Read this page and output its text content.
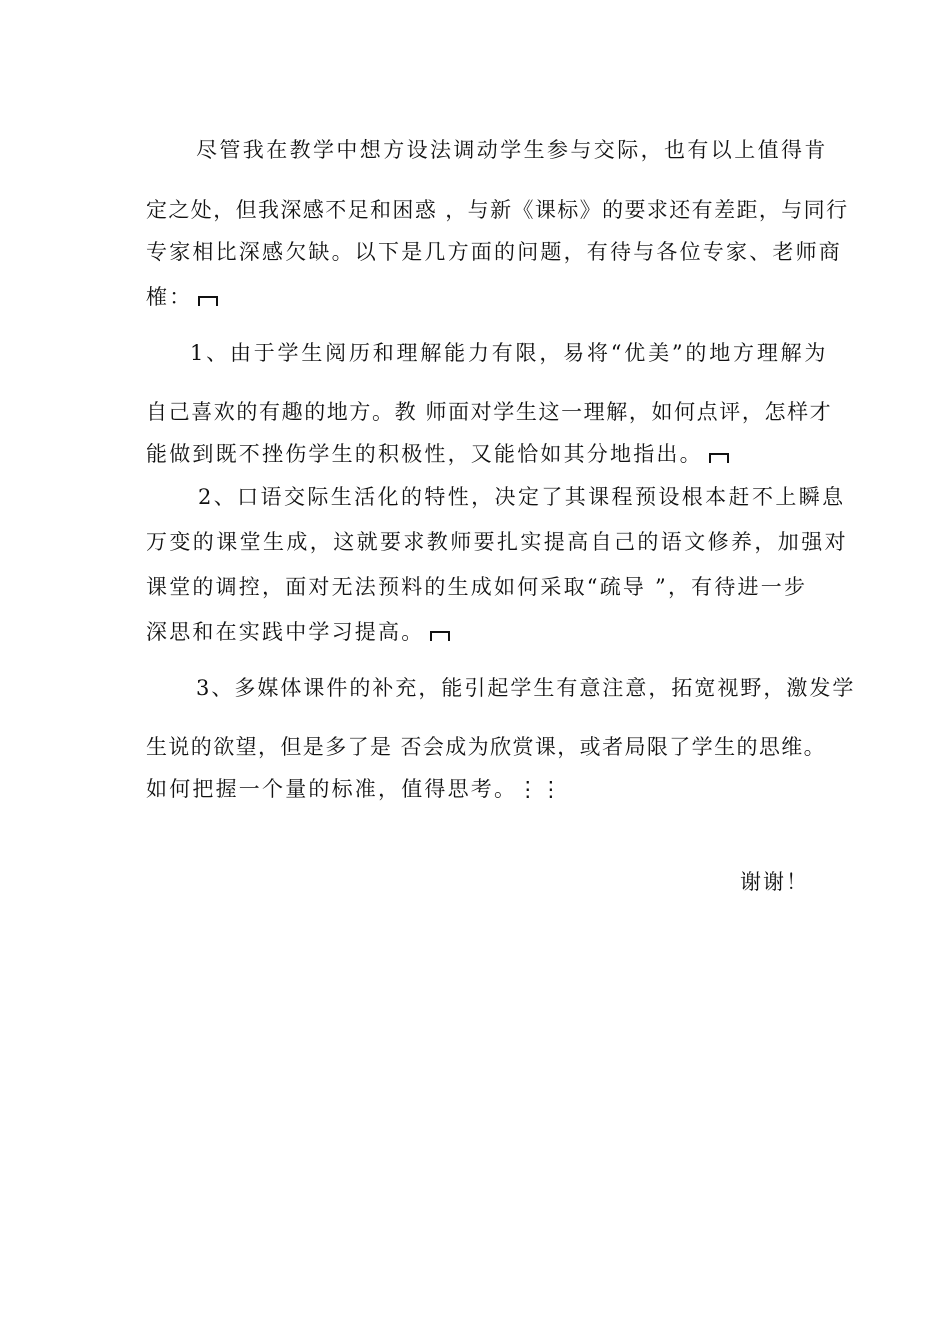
尽管我在教学中想方设法调动学生参与交际，也有以上值得肯
定之处，但我深感不足和困惑 ，与新《课标》的要求还有差距，与同行
专家相比深感欠缺。以下是几方面的问题，有待与各位专家、老师商
榷：
1、由于学生阅历和理解能力有限，易将“优美”的地方理解为
自己喜欢的有趣的地方。教 师面对学生这一理解，如何点评，怎样才
能做到既不挫伤学生的积极性，又能恰如其分地指出。
2、口语交际生活化的特性，决定了其课程预设根本赶不上瞬息
万变的课堂生成，这就要求教师要扎实提高自己的语文修养，加强对
课堂的调控，面对无法预料的生成如何采取“疏导 ”，有待进一步
深思和在实践中学习提高。
3、多媒体课件的补充，能引起学生有意注意，拓宽视野，激发学
生说的欲望，但是多了是 否会成为欣赏课，或者局限了学生的思维。
如何把握一个量的标准，值得思考。⋮⋮
谢谢！
